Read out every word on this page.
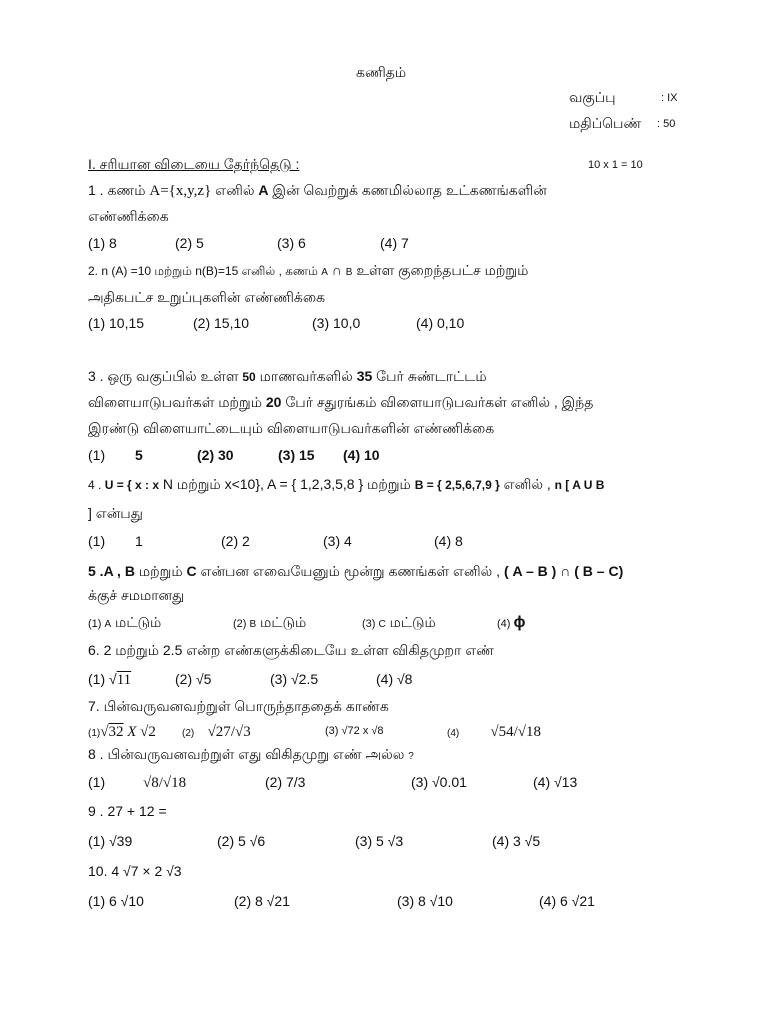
கணிதம்
வகுப்பு	: IX
மதிப்பெண் : 50
I. சரியான விடையை தேர்ந்தெடு :	10 x 1 = 10
1 . கணம் A={x,y,z} எனில் A இன் வெற்றுக் கணமில்லாத உட்கணங்களின்
எண்ணிக்கை
(1) 8	(2) 5	(3) 6	(4) 7
2. n (A) =10 மற்றும் n(B)=15 எனில் , கணம் A ∩ B உள்ள குறைந்தபட்ச மற்றும்
அதிகபட்ச உறுப்புகளின் எண்ணிக்கை
(1) 10,15	(2) 15,10	(3) 10,0	(4) 0,10
3 . ஒரு வகுப்பில் உள்ள 50 மாணவர்களில் 35 பேர் சுண்டாட்டம்
விளையாடுபவர்கள் மற்றும் 20 பேர் சதுரங்கம் விளையாடுபவர்கள் எனில் , இந்த
இரண்டு விளையாட்டையும் விளையாடுபவர்களின் எண்ணிக்கை
(1) 5	(2) 30	(3) 15 (4) 10
4 . U = { x : x N மற்றும் x<10}, A = { 1,2,3,5,8 } மற்றும் B = { 2,5,6,7,9 } எனில் , n [ A U B
] என்பது
(1) 1	(2) 2	(3) 4	(4) 8
5 .A , B மற்றும் C என்பன எவையேனும் மூன்று கணங்கள் எனில் , ( A – B ) ∩ ( B – C)
க்குச் சமமானது
(1) A மட்டும்	(2) B மட்டும்	(3) C மட்டும்	(4) ϕ
6. 2 மற்றும் 2.5 என்ற எண்களுக்கிடையே உள்ள விகிதமுறா எண்
(1) √11	(2) √5	(3) √2.5	(4) √8
7. பின்வருவனவற்றுள் பொருந்தாததைக் காண்க
(1)√32 X √2	(2) √27/√3	(3) √72 x √8	(4) √54/√18
8 . பின்வருவனவற்றுள் எது விகிதமுறு எண் அல்ல ?
(1)	√8/√18	(2) 7/3	(3) √0.01	(4) √13
9 . 27 + 12 =
(1) √39	(2) 5 √6	(3) 5 √3	(4) 3 √5
10. 4 √7 × 2 √3
(1) 6 √10	(2) 8 √21	(3) 8 √10	(4) 6 √21
